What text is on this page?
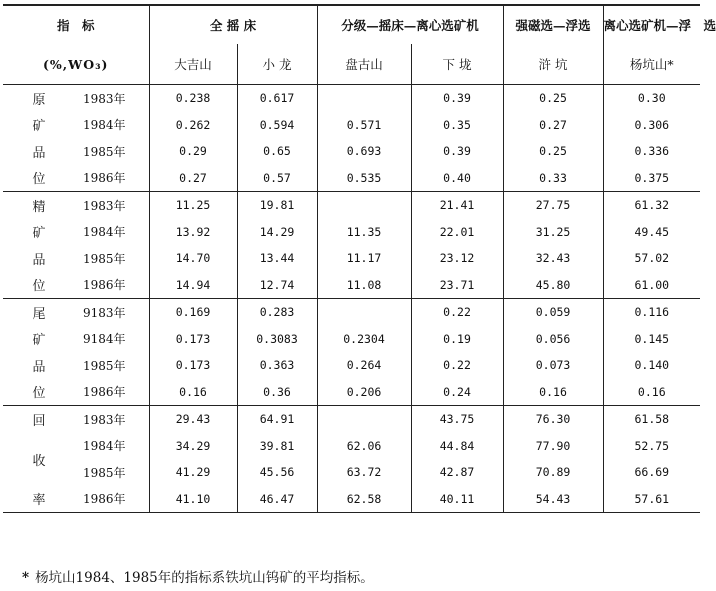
指　标		全 摇 床		分级—摇床—离心选矿机		强磁选—浮选	离心选矿机—浮　选
(%,WO₃)		大吉山	小 龙	盘古山	下 垅	浒 坑	杨坑山*
原	1983年	0.238	0.617		0.39	0.25	0.30
矿	1984年	0.262	0.594	0.571	0.35	0.27	0.306
品	1985年	0.29	0.65	0.693	0.39	0.25	0.336
位	1986年	0.27	0.57	0.535	0.40	0.33	0.375
精	1983年	11.25	19.81		21.41	27.75	61.32
矿	1984年	13.92	14.29	11.35	22.01	31.25	49.45
品	1985年	14.70	13.44	11.17	23.12	32.43	57.02
位	1986年	14.94	12.74	11.08	23.71	45.80	61.00
尾	9183年	0.169	0.283		0.22	0.059	0.116
矿	9184年	0.173	0.3083	0.2304	0.19	0.056	0.145
品	1985年	0.173	0.363	0.264	0.22	0.073	0.140
位	1986年	0.16	0.36	0.206	0.24	0.16	0.16
回	1983年	29.43	64.91		43.75	76.30	61.58
收	1984年	34.29	39.81	62.06	44.84	77.90	52.75
	1985年	41.29	45.56	63.72	42.87	70.89	66.69
率	1986年	41.10	46.47	62.58	40.11	54.43	57.61
* 杨坑山1984、1985年的指标系铁坑山钨矿的平均指标。
